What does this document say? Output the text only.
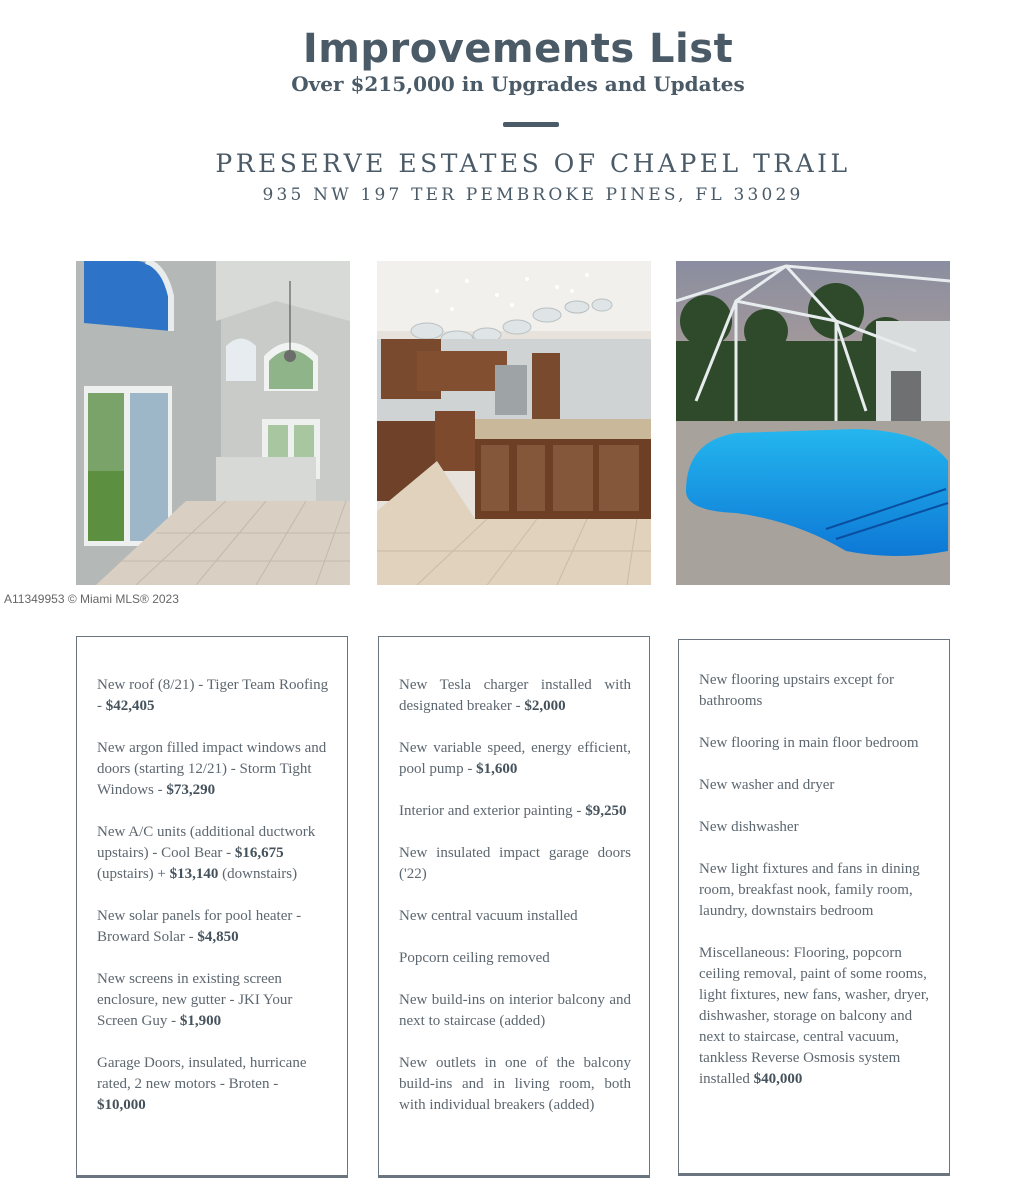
Improvements List
Over $215,000 in Upgrades and Updates
PRESERVE ESTATES OF CHAPEL TRAIL
935 NW 197 TER PEMBROKE PINES, FL 33029
A11349953 © Miami MLS® 2023

New roof (8/21) - Tiger Team Roofing - $42,405

New argon filled impact windows and doors (starting 12/21) - Storm Tight Windows - $73,290

New A/C units (additional ductwork upstairs) - Cool Bear - $16,675 (upstairs) + $13,140 (downstairs)

New solar panels for pool heater - Broward Solar - $4,850

New screens in existing screen enclosure, new gutter - JKI Your Screen Guy - $1,900

Garage Doors, insulated, hurricane rated, 2 new motors - Broten - $10,000

New Tesla charger installed with designated breaker - $2,000

New variable speed, energy efficient, pool pump - $1,600

Interior and exterior painting - $9,250

New insulated impact garage doors ('22)

New central vacuum installed

Popcorn ceiling removed

New build-ins on interior balcony and next to staircase (added)

New outlets in one of the balcony build-ins and in living room, both with individual breakers (added)

New flooring upstairs except for bathrooms

New flooring in main floor bedroom

New washer and dryer

New dishwasher

New light fixtures and fans in dining room, breakfast nook, family room, laundry, downstairs bedroom

Miscellaneous: Flooring, popcorn ceiling removal, paint of some rooms, light fixtures, new fans, washer, dryer, dishwasher, storage on balcony and next to staircase, central vacuum, tankless Reverse Osmosis system installed $40,000
